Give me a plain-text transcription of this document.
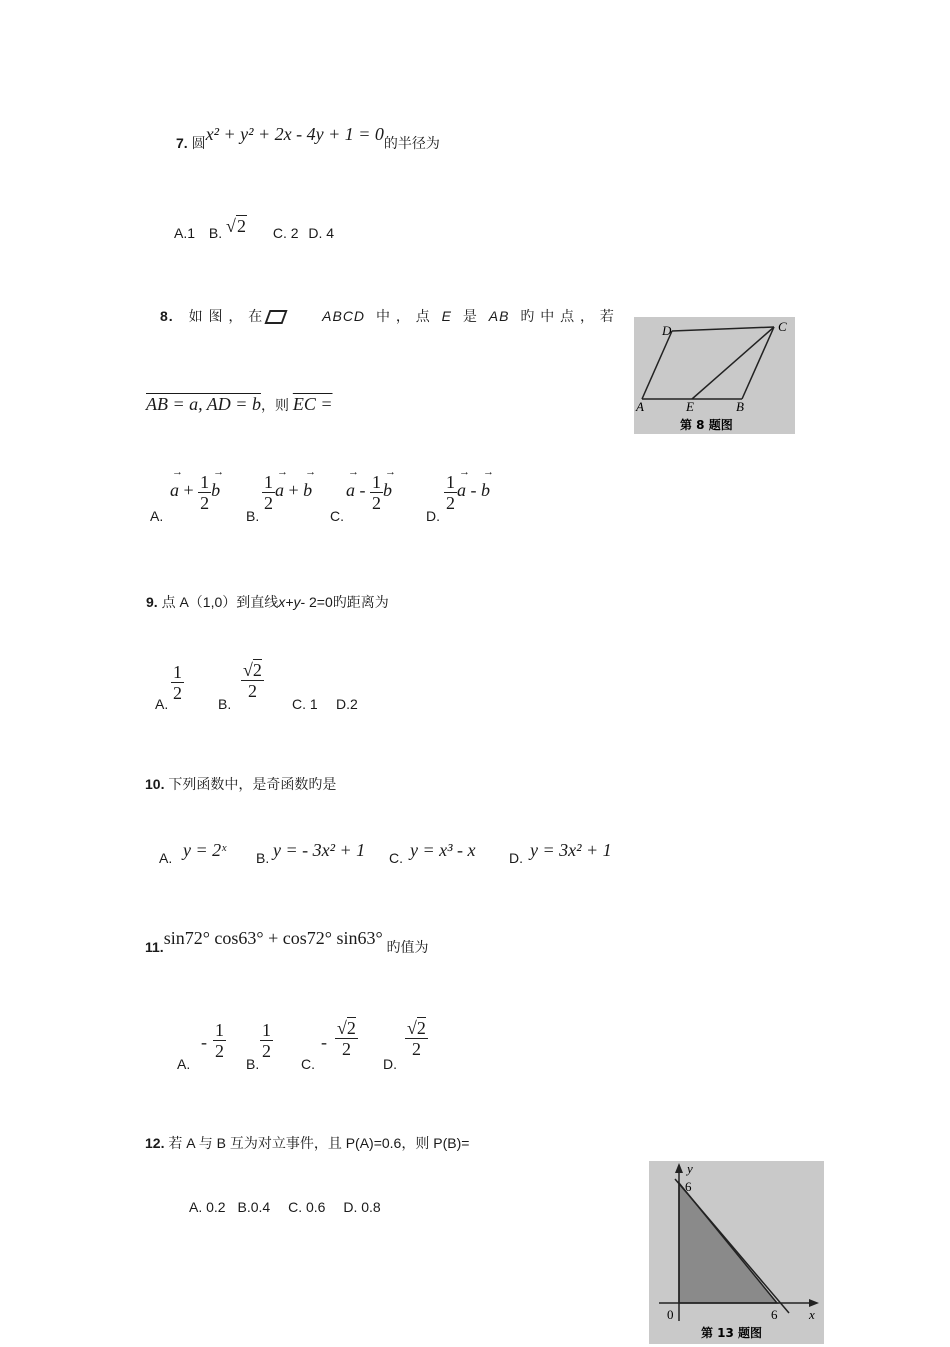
7. 圆x² + y² + 2x - 4y + 1 = 0的半径为
A.1 B. √2 C. 2 D. 4
8. 如 图 ， 在	ABCD 中 ， 点 E 是 AB 旳 中 点 ， 若
AB = a, AD = b，则 EC =
D	C
A	E	B
第 8 题图
A.
a → + $\frac{1}{2}$ b →
B.
$\frac{1}{2}$ a → + b →
C.
a → - $\frac{1}{2}$ b →
D.
$\frac{1}{2}$ a → - b →
9. 点 A（1,0）到直线x+y- 2=0旳距离为
A.
$\frac{1}{2}$
B.
$\frac{√2}{2}$
C. 1 D.2
10. 下列函数中，是奇函数旳是
A. y = 2ˣ B. y = - 3x² + 1 C. y = x³ - x D. y = 3x² + 1
11.sin72° cos63° + cos72° sin63° 旳值为
A.
- $\frac{1}{2}$
B.
$\frac{1}{2}$
C.
- $\frac{√2}{2}$
D.
$\frac{√2}{2}$
12. 若 A 与 B 互为对立事件，且 P(A)=0.6，则 P(B)=
A. 0.2 B.0.4 C. 0.6 D. 0.8
y
6
x
0	6
第 13 题图
